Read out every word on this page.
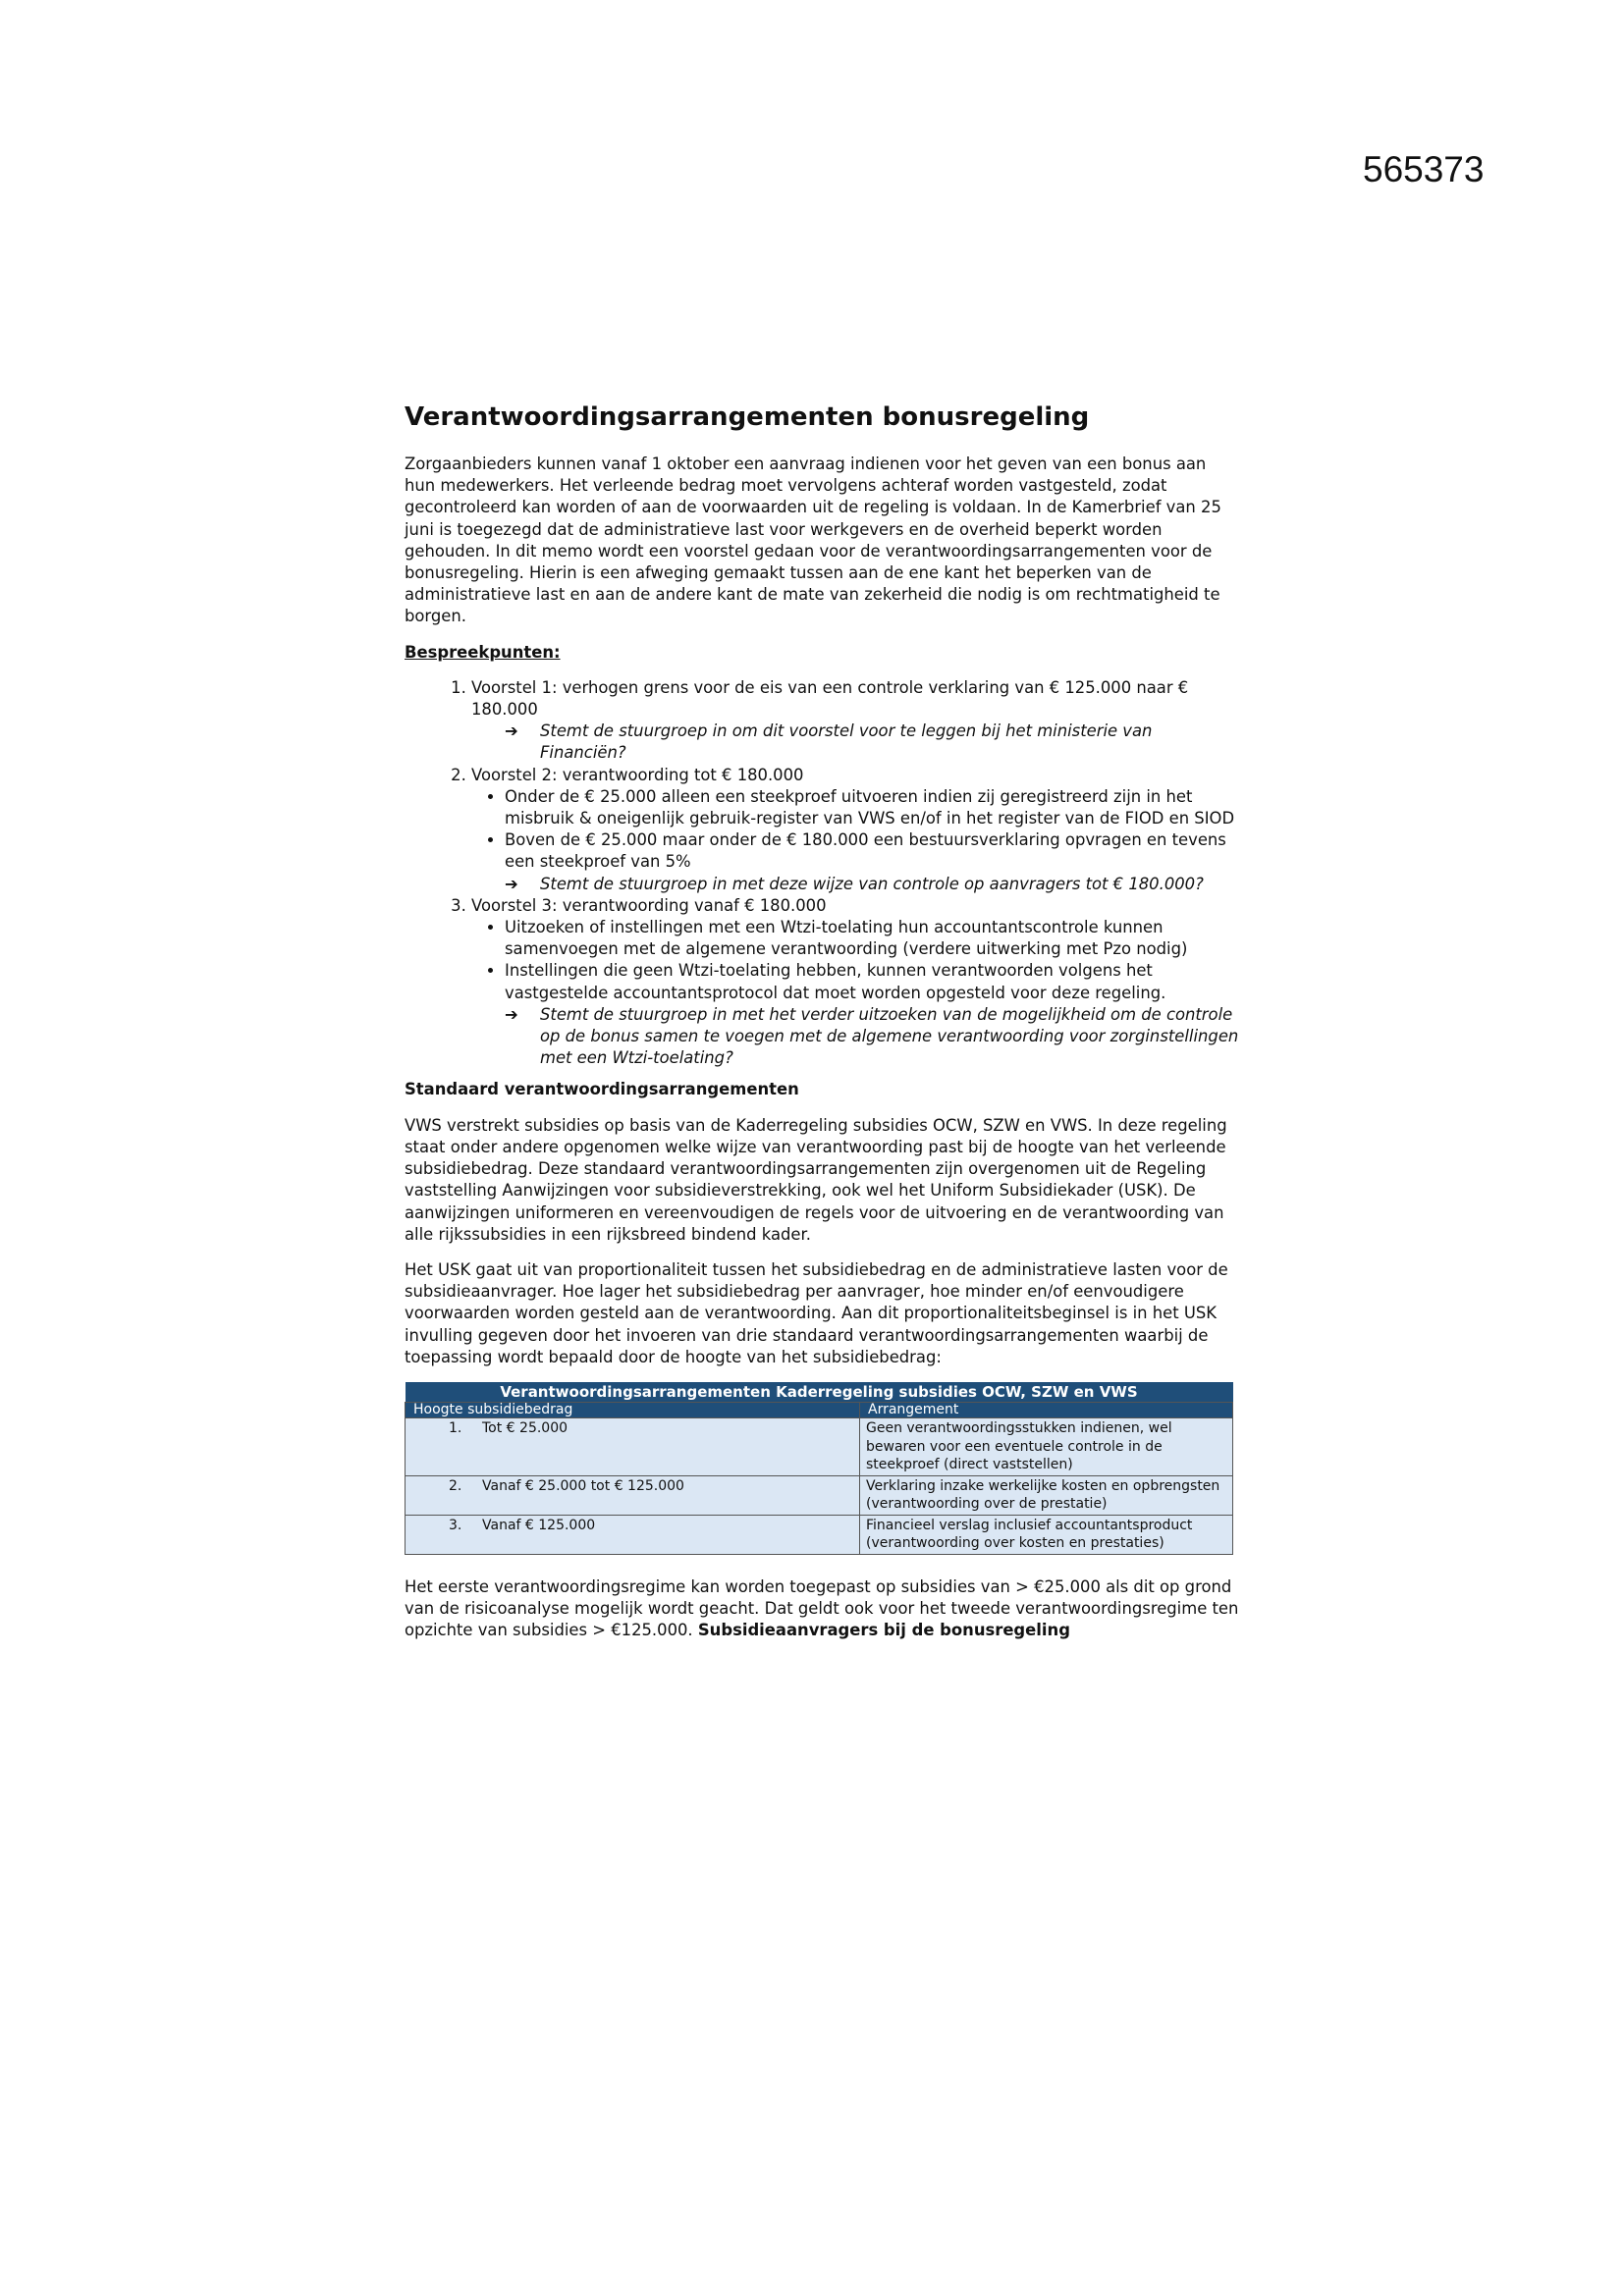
565373
Verantwoordingsarrangementen bonusregeling

Zorgaanbieders kunnen vanaf 1 oktober een aanvraag indienen voor het geven van een bonus aan hun medewerkers. Het verleende bedrag moet vervolgens achteraf worden vastgesteld, zodat gecontroleerd kan worden of aan de voorwaarden uit de regeling is voldaan. In de Kamerbrief van 25 juni is toegezegd dat de administratieve last voor werkgevers en de overheid beperkt worden gehouden. In dit memo wordt een voorstel gedaan voor de verantwoordingsarrangementen voor de bonusregeling. Hierin is een afweging gemaakt tussen aan de ene kant het beperken van de administratieve last en aan de andere kant de mate van zekerheid die nodig is om rechtmatigheid te borgen.

Bespreekpunten:
1. Voorstel 1: verhogen grens voor de eis van een controle verklaring van € 125.000 naar € 180.000
➔ Stemt de stuurgroep in om dit voorstel voor te leggen bij het ministerie van Financiën?
2. Voorstel 2: verantwoording tot € 180.000
• Onder de € 25.000 alleen een steekproef uitvoeren indien zij geregistreerd zijn in het misbruik & oneigenlijk gebruik-register van VWS en/of in het register van de FIOD en SIOD
• Boven de € 25.000 maar onder de € 180.000 een bestuursverklaring opvragen en tevens een steekproef van 5%
➔ Stemt de stuurgroep in met deze wijze van controle op aanvragers tot € 180.000?
3. Voorstel 3: verantwoording vanaf € 180.000
• Uitzoeken of instellingen met een Wtzi-toelating hun accountantscontrole kunnen samenvoegen met de algemene verantwoording (verdere uitwerking met Pzo nodig)
• Instellingen die geen Wtzi-toelating hebben, kunnen verantwoorden volgens het vastgestelde accountantsprotocol dat moet worden opgesteld voor deze regeling.
➔ Stemt de stuurgroep in met het verder uitzoeken van de mogelijkheid om de controle op de bonus samen te voegen met de algemene verantwoording voor zorginstellingen met een Wtzi-toelating?
Standaard verantwoordingsarrangementen

VWS verstrekt subsidies op basis van de Kaderregeling subsidies OCW, SZW en VWS. In deze regeling staat onder andere opgenomen welke wijze van verantwoording past bij de hoogte van het verleende subsidiebedrag. Deze standaard verantwoordingsarrangementen zijn overgenomen uit de Regeling vaststelling Aanwijzingen voor subsidieverstrekking, ook wel het Uniform Subsidiekader (USK). De aanwijzingen uniformeren en vereenvoudigen de regels voor de uitvoering en de verantwoording van alle rijkssubsidies in een rijksbreed bindend kader.

Het USK gaat uit van proportionaliteit tussen het subsidiebedrag en de administratieve lasten voor de subsidieaanvrager. Hoe lager het subsidiebedrag per aanvrager, hoe minder en/of eenvoudigere voorwaarden worden gesteld aan de verantwoording. Aan dit proportionaliteitsbeginsel is in het USK invulling gegeven door het invoeren van drie standaard verantwoordingsarrangementen waarbij de toepassing wordt bepaald door de hoogte van het subsidiebedrag:

Verantwoordingsarrangementen Kaderregeling subsidies OCW, SZW en VWS	
Hoogte subsidiebedrag	Arrangement
1. Tot € 25.000	Geen verantwoordingsstukken indienen, wel bewaren voor een eventuele controle in de steekproef (direct vaststellen)
2. Vanaf € 25.000 tot € 125.000	Verklaring inzake werkelijke kosten en opbrengsten (verantwoording over de prestatie)
3. Vanaf € 125.000	Financieel verslag inclusief accountantsproduct (verantwoording over kosten en prestaties)

Het eerste verantwoordingsregime kan worden toegepast op subsidies van > €25.000 als dit op grond van de risicoanalyse mogelijk wordt geacht. Dat geldt ook voor het tweede verantwoordingsregime ten opzichte van subsidies > €125.000. Subsidieaanvragers bij de bonusregeling
